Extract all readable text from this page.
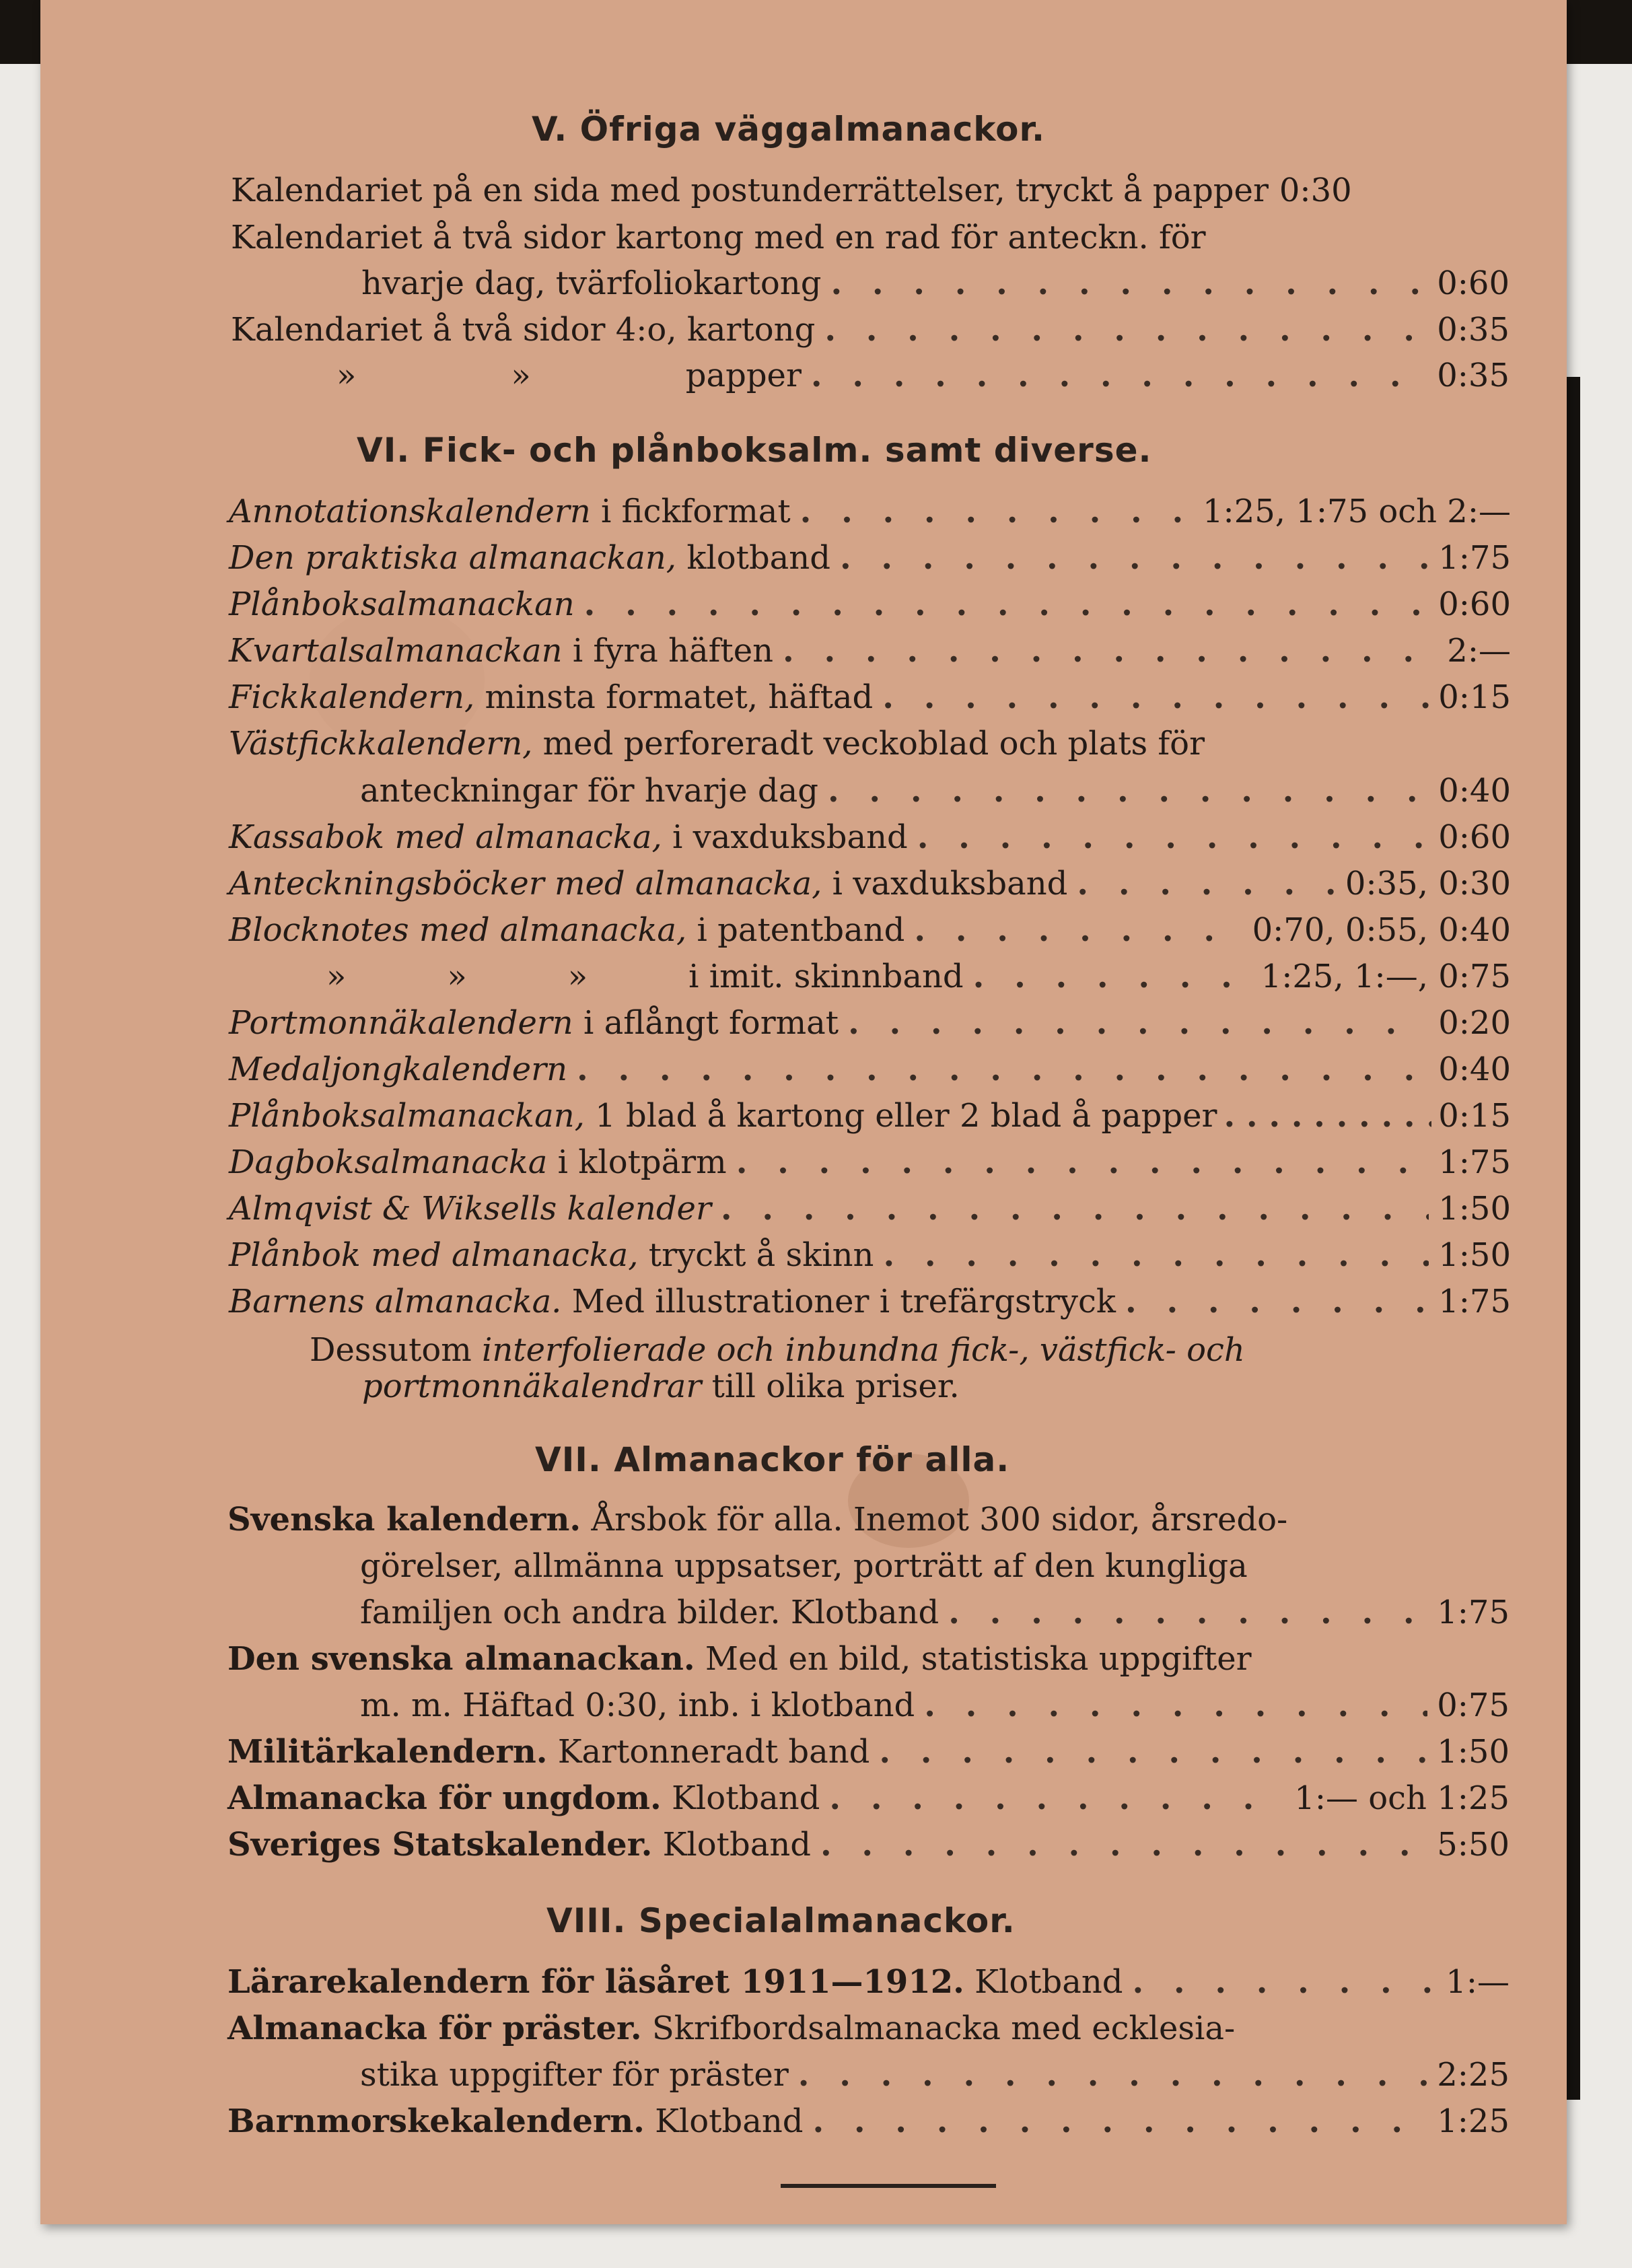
V. Öfriga väggalmanackor.
Kalendariet på en sida med postunderrättelser, tryckt å papper 0:30
Kalendariet å två sidor kartong med en rad för anteckn. för
hvarje dag, tvärfoliokartong . . .	0:60
Kalendariet å två sidor 4:o, kartong . . .	0:35
»	»	papper . . .	0:35
VI. Fick- och plånboksalm. samt diverse.
Annotationskalendern i fickformat . . .	1:25, 1:75 och 2:—
Den praktiska almanackan, klotband . . .	1:75
Plånboksalmanackan . . .	0:60
Kvartalsalmanackan i fyra häften . . .	2:—
Fickkalendern, minsta formatet, häftad . . .	0:15
Västfickkalendern, med perforeradt veckoblad och plats för
anteckningar för hvarje dag . . .	0:40
Kassabok med almanacka, i vaxduksband . . .	0:60
Anteckningsböcker med almanacka, i vaxduksband . . .	0:35, 0:30
Blocknotes med almanacka, i patentband . . .	0:70, 0:55, 0:40
»	»	»	i imit. skinnband . . .	1:25, 1:—, 0:75
Portmonnäkalendern i aflångt format . . .	0:20
Medaljongkalendern . . .	0:40
Plånboksalmanackan, 1 blad å kartong eller 2 blad å papper . . .	0:15
Dagboksalmanacka i klotpärm . . .	1:75
Almqvist & Wiksells kalender . . .	1:50
Plånbok med almanacka, tryckt å skinn . . .	1:50
Barnens almanacka. Med illustrationer i trefärgstryck . . .	1:75
Dessutom interfolierade och inbundna fick-, västfick- och
portmonnäkalendrar till olika priser.
VII. Almanackor för alla.
Svenska kalendern. Årsbok för alla. Inemot 300 sidor, årsredo-
görelser, allmänna uppsatser, porträtt af den kungliga
familjen och andra bilder. Klotband . . .	1:75
Den svenska almanackan. Med en bild, statistiska uppgifter
m. m. Häftad 0:30, inb. i klotband . . .	0:75
Militärkalendern. Kartonneradt band . . .	1:50
Almanacka för ungdom. Klotband . . .	1:— och 1:25
Sveriges Statskalender. Klotband . . .	5:50
VIII. Specialalmanackor.
Lärarekalendern för läsåret 1911—1912. Klotband . . .	1:—
Almanacka för präster. Skrifbordsalmanacka med ecklesia-
stika uppgifter för präster . . .	2:25
Barnmorskekalendern. Klotband . . .	1:25
